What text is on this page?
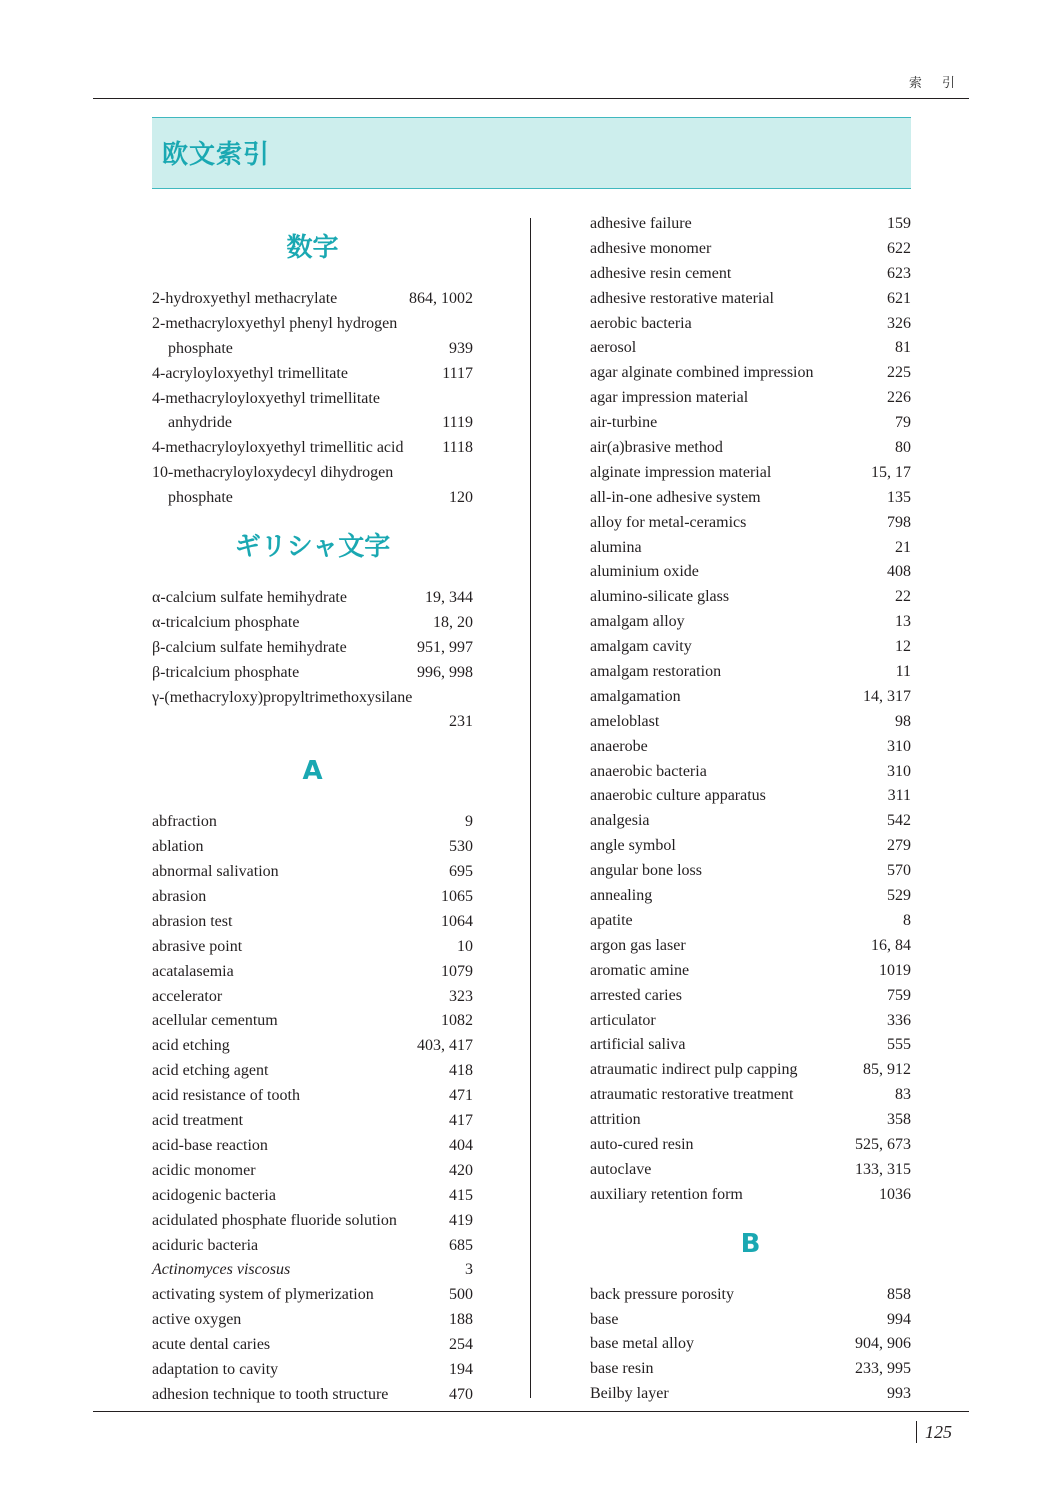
索 引
欧文索引
数字
2-hydroxyethyl methacrylate	864, 1002
2-methacryloxyethyl phenyl hydrogen
phosphate	939
4-acryloyloxyethyl trimellitate	1117
4-methacryloyloxyethyl trimellitate
anhydride	1119
4-methacryloyloxyethyl trimellitic acid	1118
10-methacryloyloxydecyl dihydrogen
phosphate	120
ギリシャ文字
α-calcium sulfate hemihydrate	19, 344
α-tricalcium phosphate	18, 20
β-calcium sulfate hemihydrate	951, 997
β-tricalcium phosphate	996, 998
γ-(methacryloxy)propyltrimethoxysilane
231
A
abfraction	9
ablation	530
abnormal salivation	695
abrasion	1065
abrasion test	1064
abrasive point	10
acatalasemia	1079
accelerator	323
acellular cementum	1082
acid etching	403, 417
acid etching agent	418
acid resistance of tooth	471
acid treatment	417
acid-base reaction	404
acidic monomer	420
acidogenic bacteria	415
acidulated phosphate fluoride solution	419
aciduric bacteria	685
Actinomyces viscosus	3
activating system of plymerization	500
active oxygen	188
acute dental caries	254
adaptation to cavity	194
adhesion technique to tooth structure	470
adhesive failure	159
adhesive monomer	622
adhesive resin cement	623
adhesive restorative material	621
aerobic bacteria	326
aerosol	81
agar alginate combined impression	225
agar impression material	226
air-turbine	79
air(a)brasive method	80
alginate impression material	15, 17
all-in-one adhesive system	135
alloy for metal-ceramics	798
alumina	21
aluminium oxide	408
alumino-silicate glass	22
amalgam alloy	13
amalgam cavity	12
amalgam restoration	11
amalgamation	14, 317
ameloblast	98
anaerobe	310
anaerobic bacteria	310
anaerobic culture apparatus	311
analgesia	542
angle symbol	279
angular bone loss	570
annealing	529
apatite	8
argon gas laser	16, 84
aromatic amine	1019
arrested caries	759
articulator	336
artificial saliva	555
atraumatic indirect pulp capping	85, 912
atraumatic restorative treatment	83
attrition	358
auto-cured resin	525, 673
autoclave	133, 315
auxiliary retention form	1036
B
back pressure porosity	858
base	994
base metal alloy	904, 906
base resin	233, 995
Beilby layer	993
125
